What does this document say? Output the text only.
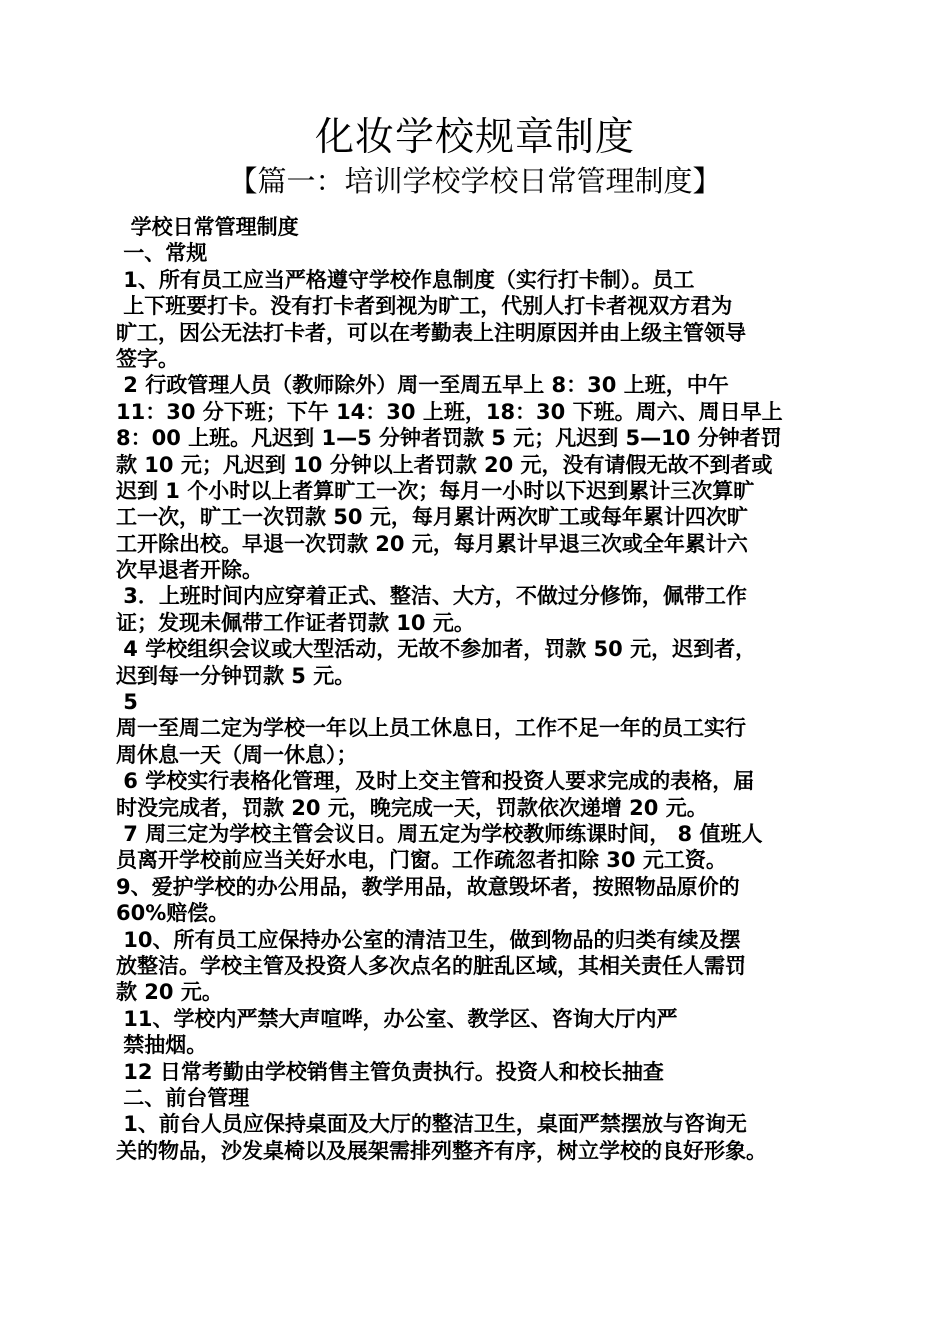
化妆学校规章制度
【篇一：培训学校学校日常管理制度】
学校日常管理制度
一、常规
1、所有员工应当严格遵守学校作息制度（实行打卡制）。员工
上下班要打卡。没有打卡者到视为旷工，代别人打卡者视双方君为
旷工，因公无法打卡者，可以在考勤表上注明原因并由上级主管领导
签字。
2 行政管理人员（教师除外）周一至周五早上 8：30 上班，中午
11：30 分下班；下午 14：30 上班，18：30 下班。周六、周日早上
8：00 上班。凡迟到 1—5 分钟者罚款 5 元；凡迟到 5—10 分钟者罚
款 10 元；凡迟到 10 分钟以上者罚款 20 元，没有请假无故不到者或
迟到 1 个小时以上者算旷工一次；每月一小时以下迟到累计三次算旷
工一次，旷工一次罚款 50 元，每月累计两次旷工或每年累计四次旷
工开除出校。早退一次罚款 20 元，每月累计早退三次或全年累计六
次早退者开除。
3．上班时间内应穿着正式、整洁、大方，不做过分修饰，佩带工作
证；发现未佩带工作证者罚款 10 元。
4 学校组织会议或大型活动，无故不参加者，罚款 50 元，迟到者，
迟到每一分钟罚款 5 元。
5
周一至周二定为学校一年以上员工休息日，工作不足一年的员工实行
周休息一天（周一休息）；
6 学校实行表格化管理，及时上交主管和投资人要求完成的表格，届
时没完成者，罚款 20 元，晚完成一天，罚款依次递增 20 元。
7 周三定为学校主管会议日。周五定为学校教师练课时间， 8 值班人
员离开学校前应当关好水电，门窗。工作疏忽者扣除 30 元工资。
9、爱护学校的办公用品，教学用品，故意毁坏者，按照物品原价的
60%赔偿。
10、所有员工应保持办公室的清洁卫生，做到物品的归类有续及摆
放整洁。学校主管及投资人多次点名的脏乱区域，其相关责任人需罚
款 20 元。
11、学校内严禁大声喧哗，办公室、教学区、咨询大厅内严
禁抽烟。
12 日常考勤由学校销售主管负责执行。投资人和校长抽查
二、前台管理
1、前台人员应保持桌面及大厅的整洁卫生，桌面严禁摆放与咨询无
关的物品，沙发桌椅以及展架需排列整齐有序，树立学校的良好形象。
